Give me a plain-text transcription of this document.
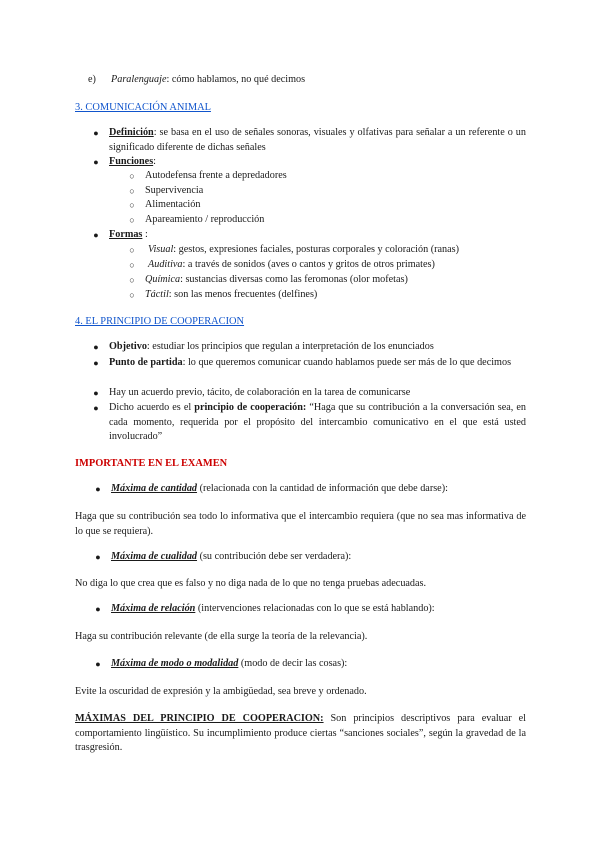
e) Paralenguaje: cómo hablamos, no qué decimos
3. COMUNICACIÓN ANIMAL
● Definición: se basa en el uso de señales sonoras, visuales y olfativas para señalar a un referente o un significado diferente de dichas señales
● Funciones:
○ Autodefensa frente a depredadores
○ Supervivencia
○ Alimentación
○ Apareamiento / reproducción
● Formas :
○ Visual: gestos, expresiones faciales, posturas corporales y coloración (ranas)
○ Auditiva: a través de sonidos (aves o cantos y gritos de otros primates)
○ Química: sustancias diversas como las feromonas (olor mofetas)
○ Táctil: son las menos frecuentes (delfines)
4. EL PRINCIPIO DE COOPERACION
● Objetivo: estudiar los principios que regulan a interpretación de los enunciados
● Punto de partida: lo que queremos comunicar cuando hablamos puede ser más de lo que decimos
● Hay un acuerdo previo, tácito, de colaboración en la tarea de comunicarse
● Dicho acuerdo es el principio de cooperación: “Haga que su contribución a la conversación sea, en cada momento, requerida por el propósito del intercambio comunicativo en el que está usted involucrado”
IMPORTANTE EN EL EXAMEN
● Máxima de cantidad (relacionada con la cantidad de información que debe darse):
Haga que su contribución sea todo lo informativa que el intercambio requiera (que no sea mas informativa de lo que se requiera).
● Máxima de cualidad (su contribución debe ser verdadera):
No diga lo que crea que es falso y no diga nada de lo que no tenga pruebas adecuadas.
● Máxima de relación (intervenciones relacionadas con lo que se está hablando):
Haga su contribución relevante (de ella surge la teoría de la relevancia).
● Máxima de modo o modalidad (modo de decir las cosas):
Evite la oscuridad de expresión y la ambigüedad, sea breve y ordenado.
MÁXIMAS DEL PRINCIPIO DE COOPERACION: Son principios descriptivos para evaluar el comportamiento lingüístico. Su incumplimiento produce ciertas “sanciones sociales”, según la gravedad de la trasgresión.
